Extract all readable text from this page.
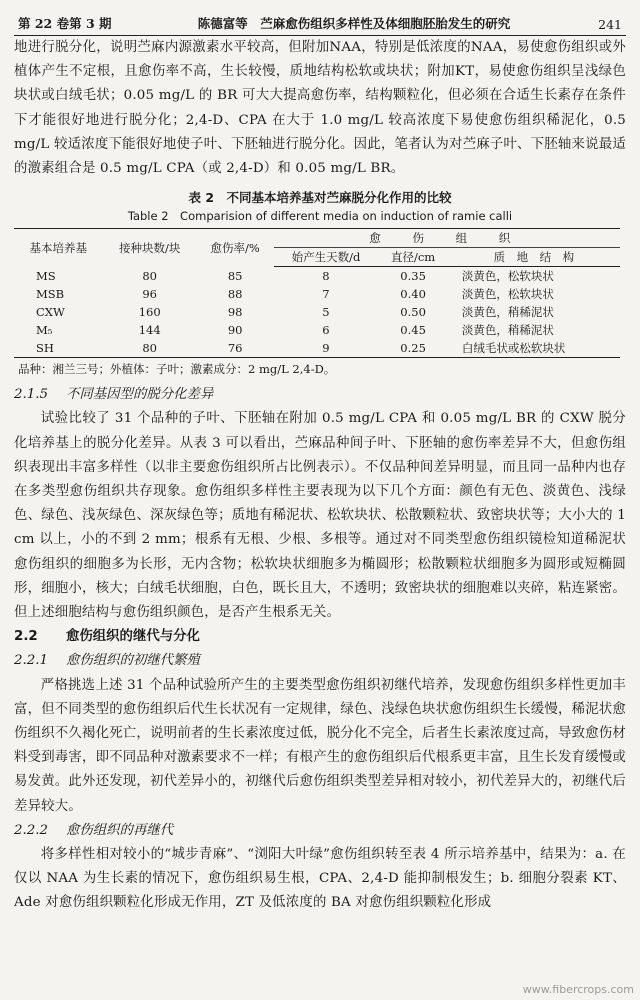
第 22 卷第 3 期	陈德富等　苎麻愈伤组织多样性及体细胞胚胎发生的研究	241

地进行脱分化，说明苎麻内源激素水平较高，但附加NAA，特别是低浓度的NAA，易使愈伤组织或外植体产生不定根，且愈伤率不高，生长较慢，质地结构松软或块状；附加KT，易使愈伤组织呈浅绿色块状或白绒毛状；0.05 mg/L 的 BR 可大大提高愈伤率，结构颗粒化，但必须在合适生长素存在条件下才能很好地进行脱分化；2,4-D、CPA 在大于 1.0 mg/L 较高浓度下易使愈伤组织稀泥化，0.5 mg/L 较适浓度下能很好地使子叶、下胚轴进行脱分化。因此，笔者认为对苎麻子叶、下胚轴来说最适的激素组合是 0.5 mg/L CPA（或 2,4-D）和 0.05 mg/L BR。

表 2　不同基本培养基对苎麻脱分化作用的比较
Table 2　Comparision of different media on induction of ramie calli
基本培养基	接种块数/块	愈伤率/%	愈 伤 组 织		
			始产生天数/d	直径/cm	质　地　结　构
MS	80	85	8	0.35	淡黄色，松软块状
MSB	96	88	7	0.40	淡黄色，松软块状
CXW	160	98	5	0.50	淡黄色，稍稀泥状
M₅	144	90	6	0.45	淡黄色，稍稀泥状
SH	80	76	9	0.25	白绒毛状或松软块状
品种：湘兰三号；外植体：子叶；激素成分：2 mg/L 2,4-D。
2.1.5 不同基因型的脱分化差异

试验比较了 31 个品种的子叶、下胚轴在附加 0.5 mg/L CPA 和 0.05 mg/L BR 的 CXW 脱分化培养基上的脱分化差异。从表 3 可以看出，苎麻品种间子叶、下胚轴的愈伤率差异不大，但愈伤组织表现出丰富多样性（以非主要愈伤组织所占比例表示）。不仅品种间差异明显，而且同一品种内也存在多类型愈伤组织共存现象。愈伤组织多样性主要表现为以下几个方面：颜色有无色、淡黄色、浅绿色、绿色、浅灰绿色、深灰绿色等；质地有稀泥状、松软块状、松散颗粒状、致密块状等；大小大的 1 cm 以上，小的不到 2 mm；根系有无根、少根、多根等。通过对不同类型愈伤组织镜检知道稀泥状愈伤组织的细胞多为长形，无内含物；松软块状细胞多为椭圆形；松散颗粒状细胞多为圆形或短椭圆形，细胞小，核大；白绒毛状细胞，白色，既长且大，不透明；致密块状的细胞难以夹碎，粘连紧密。但上述细胞结构与愈伤组织颜色，是否产生根系无关。

2.2 愈伤组织的继代与分化
2.2.1 愈伤组织的初继代繁殖

严格挑选上述 31 个品种试验所产生的主要类型愈伤组织初继代培养，发现愈伤组织多样性更加丰富，但不同类型的愈伤组织后代生长状况有一定规律，绿色、浅绿色块状愈伤组织生长缓慢，稀泥状愈伤组织不久褐化死亡，说明前者的生长素浓度过低，脱分化不完全，后者生长素浓度过高，导致愈伤材料受到毒害，即不同品种对激素要求不一样；有根产生的愈伤组织后代根系更丰富，且生长发育缓慢或易发黄。此外还发现，初代差异小的，初继代后愈伤组织类型差异相对较小，初代差异大的，初继代后差异较大。

2.2.2 愈伤组织的再继代

将多样性相对较小的“城步青麻”、“浏阳大叶绿”愈伤组织转至表 4 所示培养基中，结果为：a. 在仅以 NAA 为生长素的情况下，愈伤组织易生根，CPA、2,4-D 能抑制根发生；b. 细胞分裂素 KT、Ade 对愈伤组织颗粒化形成无作用，ZT 及低浓度的 BA 对愈伤组织颗粒化形成

www.fibercrops.com
